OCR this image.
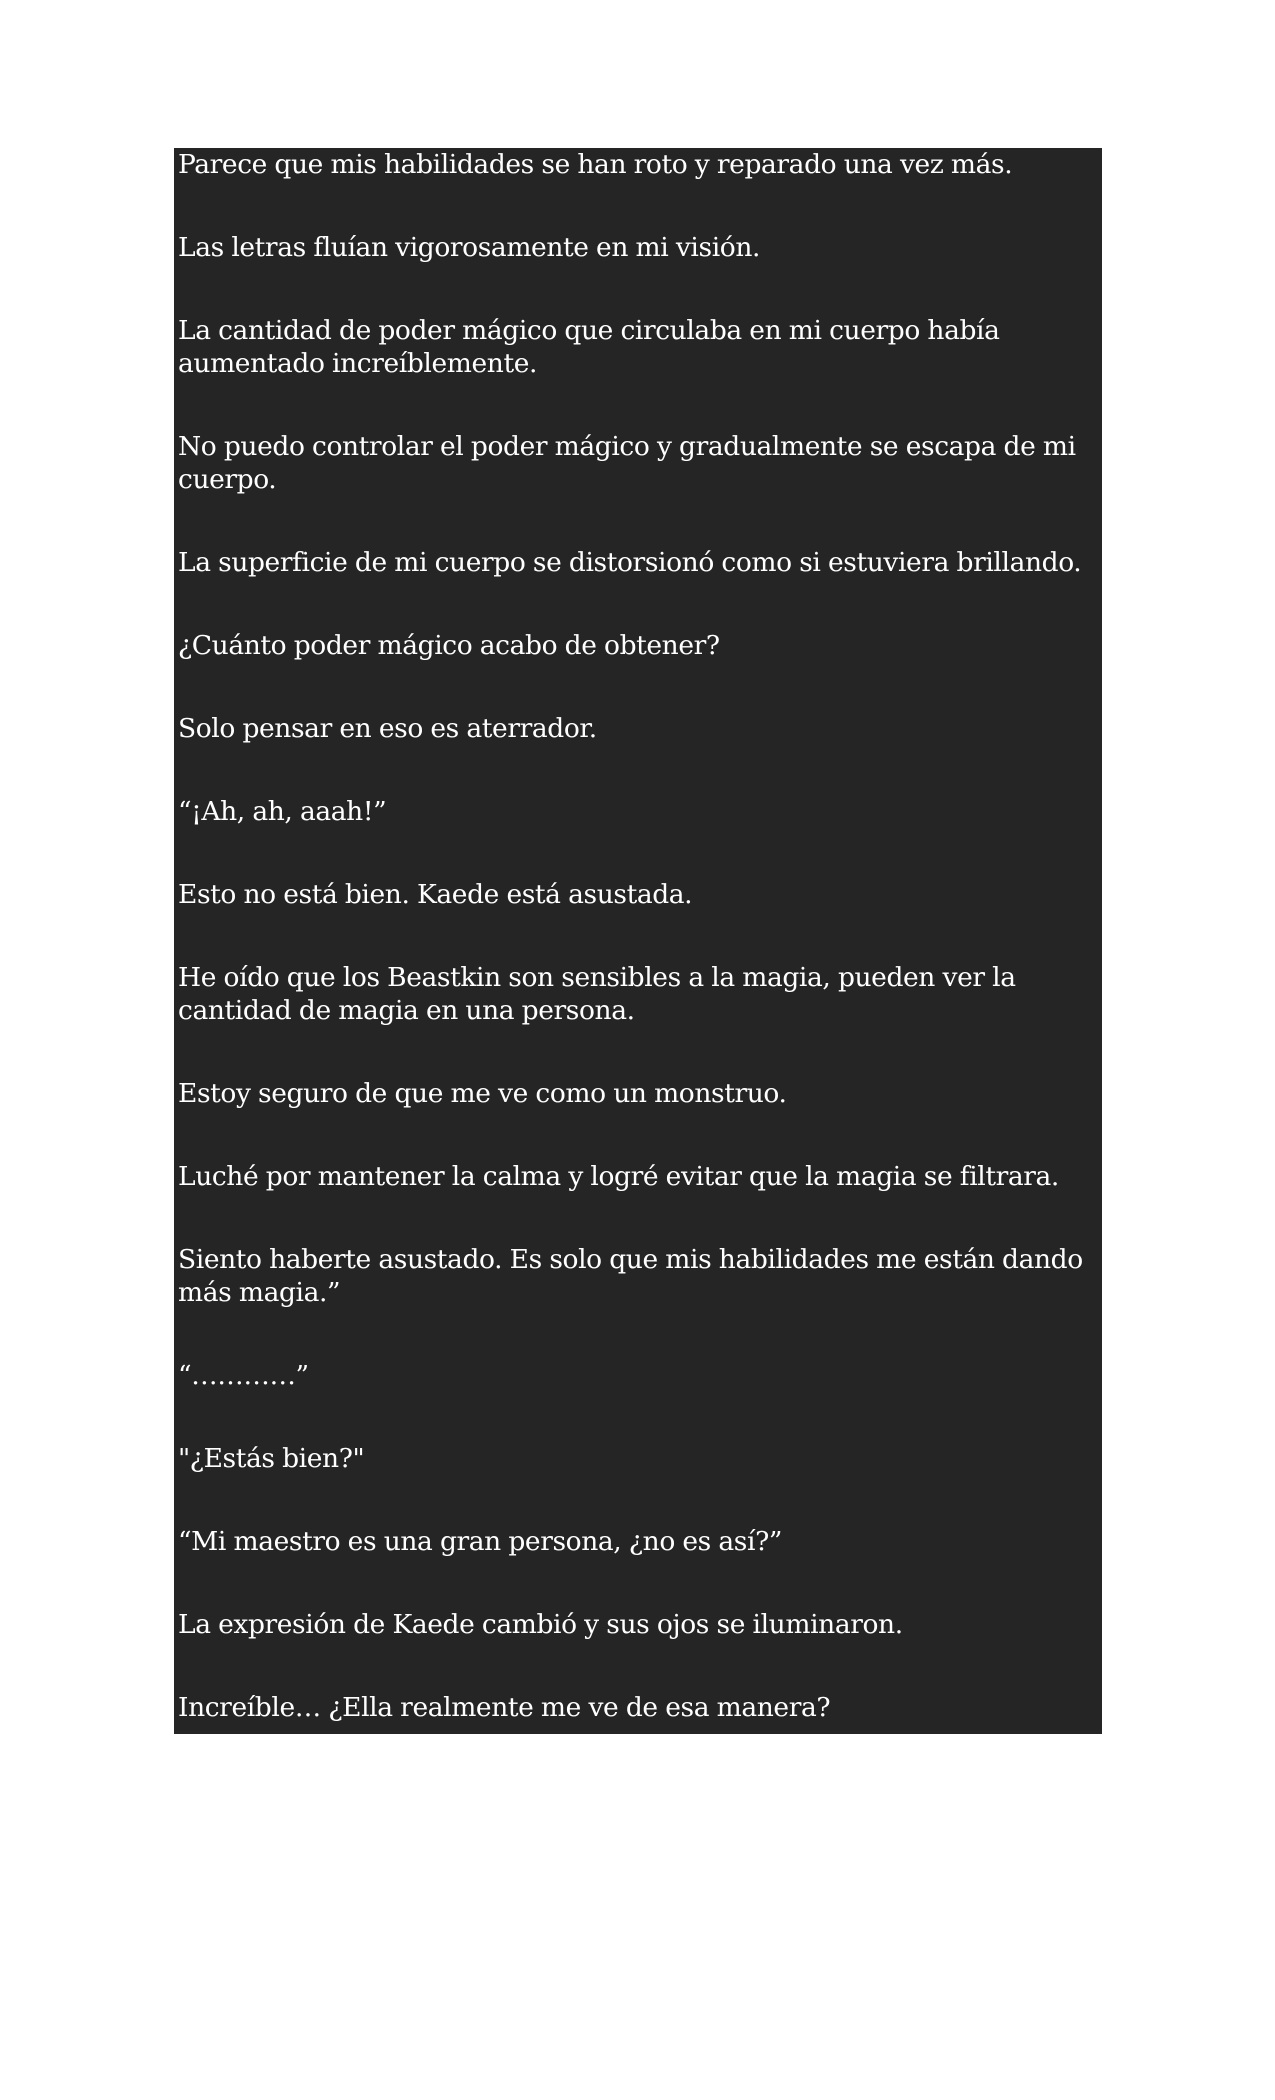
Parece que mis habilidades se han roto y reparado una vez más.

Las letras fluían vigorosamente en mi visión.

La cantidad de poder mágico que circulaba en mi cuerpo había aumentado increíblemente.

No puedo controlar el poder mágico y gradualmente se escapa de mi cuerpo.

La superficie de mi cuerpo se distorsionó como si estuviera brillando.

¿Cuánto poder mágico acabo de obtener?

Solo pensar en eso es aterrador.

“¡Ah, ah, aaah!”

Esto no está bien. Kaede está asustada.

He oído que los Beastkin son sensibles a la magia, pueden ver la cantidad de magia en una persona.

Estoy seguro de que me ve como un monstruo.

Luché por mantener la calma y logré evitar que la magia se filtrara.

Siento haberte asustado. Es solo que mis habilidades me están dando más magia.”

“…………”

"¿Estás bien?"

“Mi maestro es una gran persona, ¿no es así?”

La expresión de Kaede cambió y sus ojos se iluminaron.

Increíble… ¿Ella realmente me ve de esa manera?
